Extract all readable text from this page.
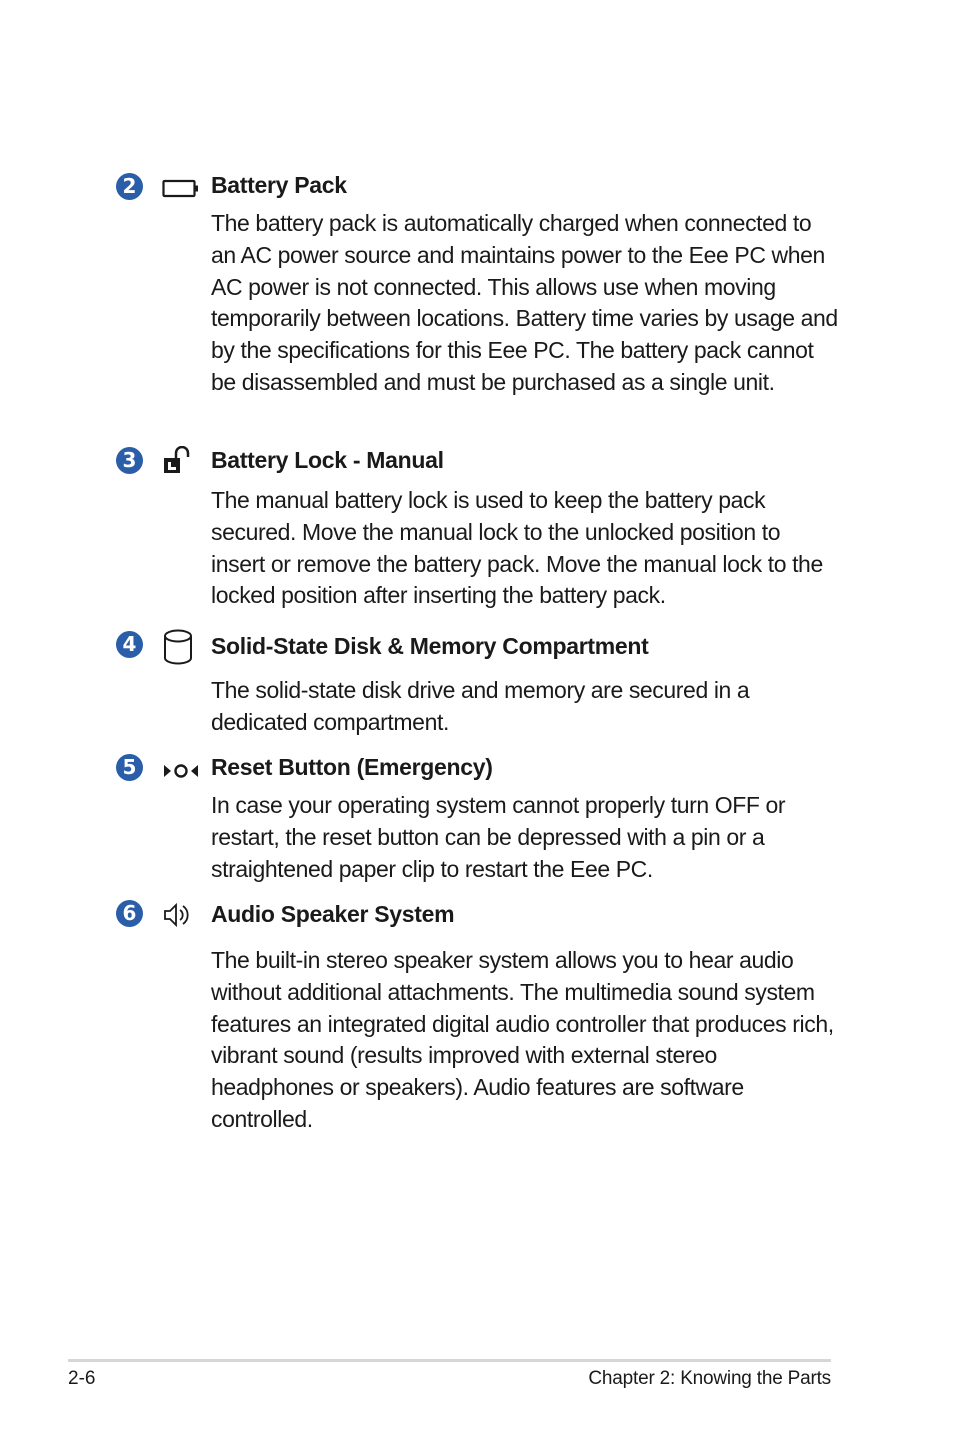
2	Battery Pack

The battery pack is automatically charged when connected to an AC power source and maintains power to the Eee PC when AC power is not connected. This allows use when moving temporarily between locations. Battery time varies by usage and by the specifications for this Eee PC. The battery pack cannot be disassembled and must be purchased as a single unit.

3	Battery Lock - Manual

The manual battery lock is used to keep the battery pack secured. Move the manual lock to the unlocked position to insert or remove the battery pack. Move the manual lock to the locked position after inserting the battery pack.

4	Solid-State Disk & Memory Compartment

The solid-state disk drive and memory are secured in a dedicated compartment.

5	Reset Button (Emergency)

In case your operating system cannot properly turn OFF or restart, the reset button can be depressed with a pin or a straightened paper clip to restart the Eee PC.

6	Audio Speaker System

The built-in stereo speaker system allows you to hear audio without additional attachments. The multimedia sound system features an integrated digital audio controller that produces rich, vibrant sound (results improved with external stereo headphones or speakers). Audio features are software controlled.

2-6	Chapter 2: Knowing the Parts
